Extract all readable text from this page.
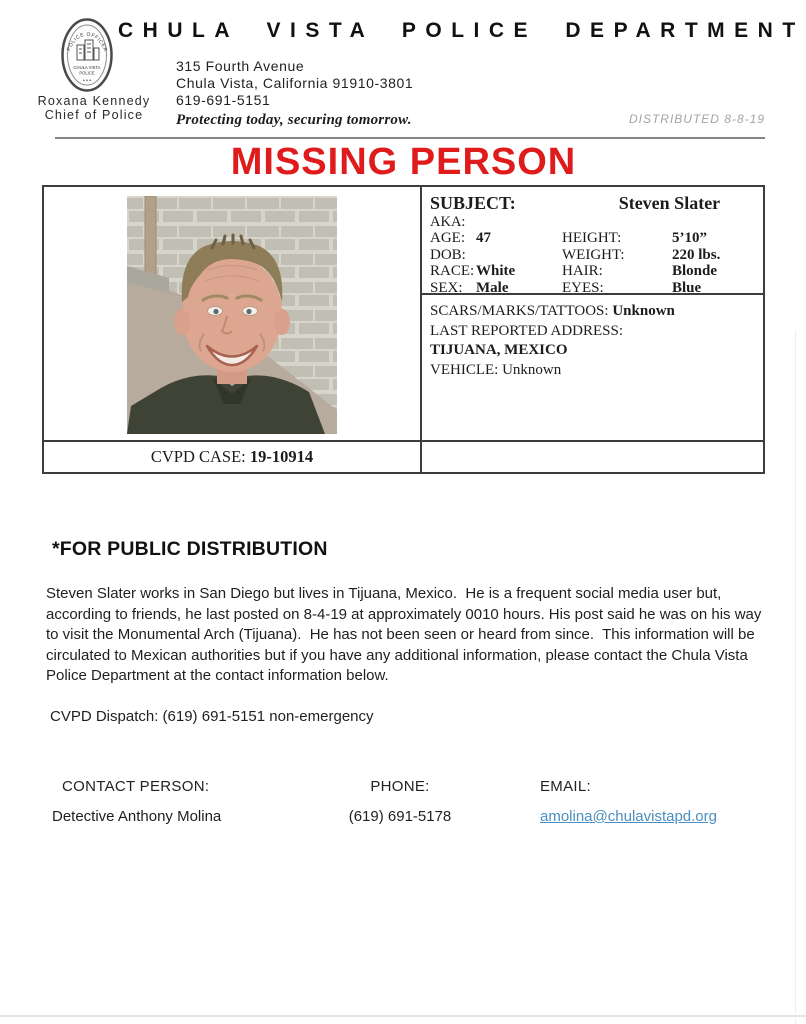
POLICE OFFICER
CHULA VISTA
POLICE
• • •
Roxana Kennedy
Chief of Police
CHULA VISTA POLICE DEPARTMENT
315 Fourth Avenue
Chula Vista, California 91910-3801
619-691-5151
Protecting today, securing tomorrow.	DISTRIBUTED 8-8-19
MISSING PERSON
SUBJECT:	Steven Slater
AKA:
AGE: 47	HEIGHT:	5’10”
DOB:	WEIGHT:	220 lbs.
RACE: White	HAIR:	Blonde
SEX: Male	EYES:	Blue
SCARS/MARKS/TATTOOS: Unknown
LAST REPORTED ADDRESS:
TIJUANA, MEXICO
VEHICLE: Unknown
CVPD CASE: 19-10914
*FOR PUBLIC DISTRIBUTION
Steven Slater works in San Diego but lives in Tijuana, Mexico.  He is a frequent social media user but, according to friends, he last posted on 8-4-19 at approximately 0010 hours. His post said he was on his way to visit the Monumental Arch (Tijuana).  He has not been seen or heard from since.  This information will be circulated to Mexican authorities but if you have any additional information, please contact the Chula Vista Police Department at the contact information below.
CVPD Dispatch: (619) 691-5151 non-emergency
CONTACT PERSON:
Detective Anthony Molina
PHONE:
(619) 691-5178
EMAIL:
amolina@chulavistapd.org
